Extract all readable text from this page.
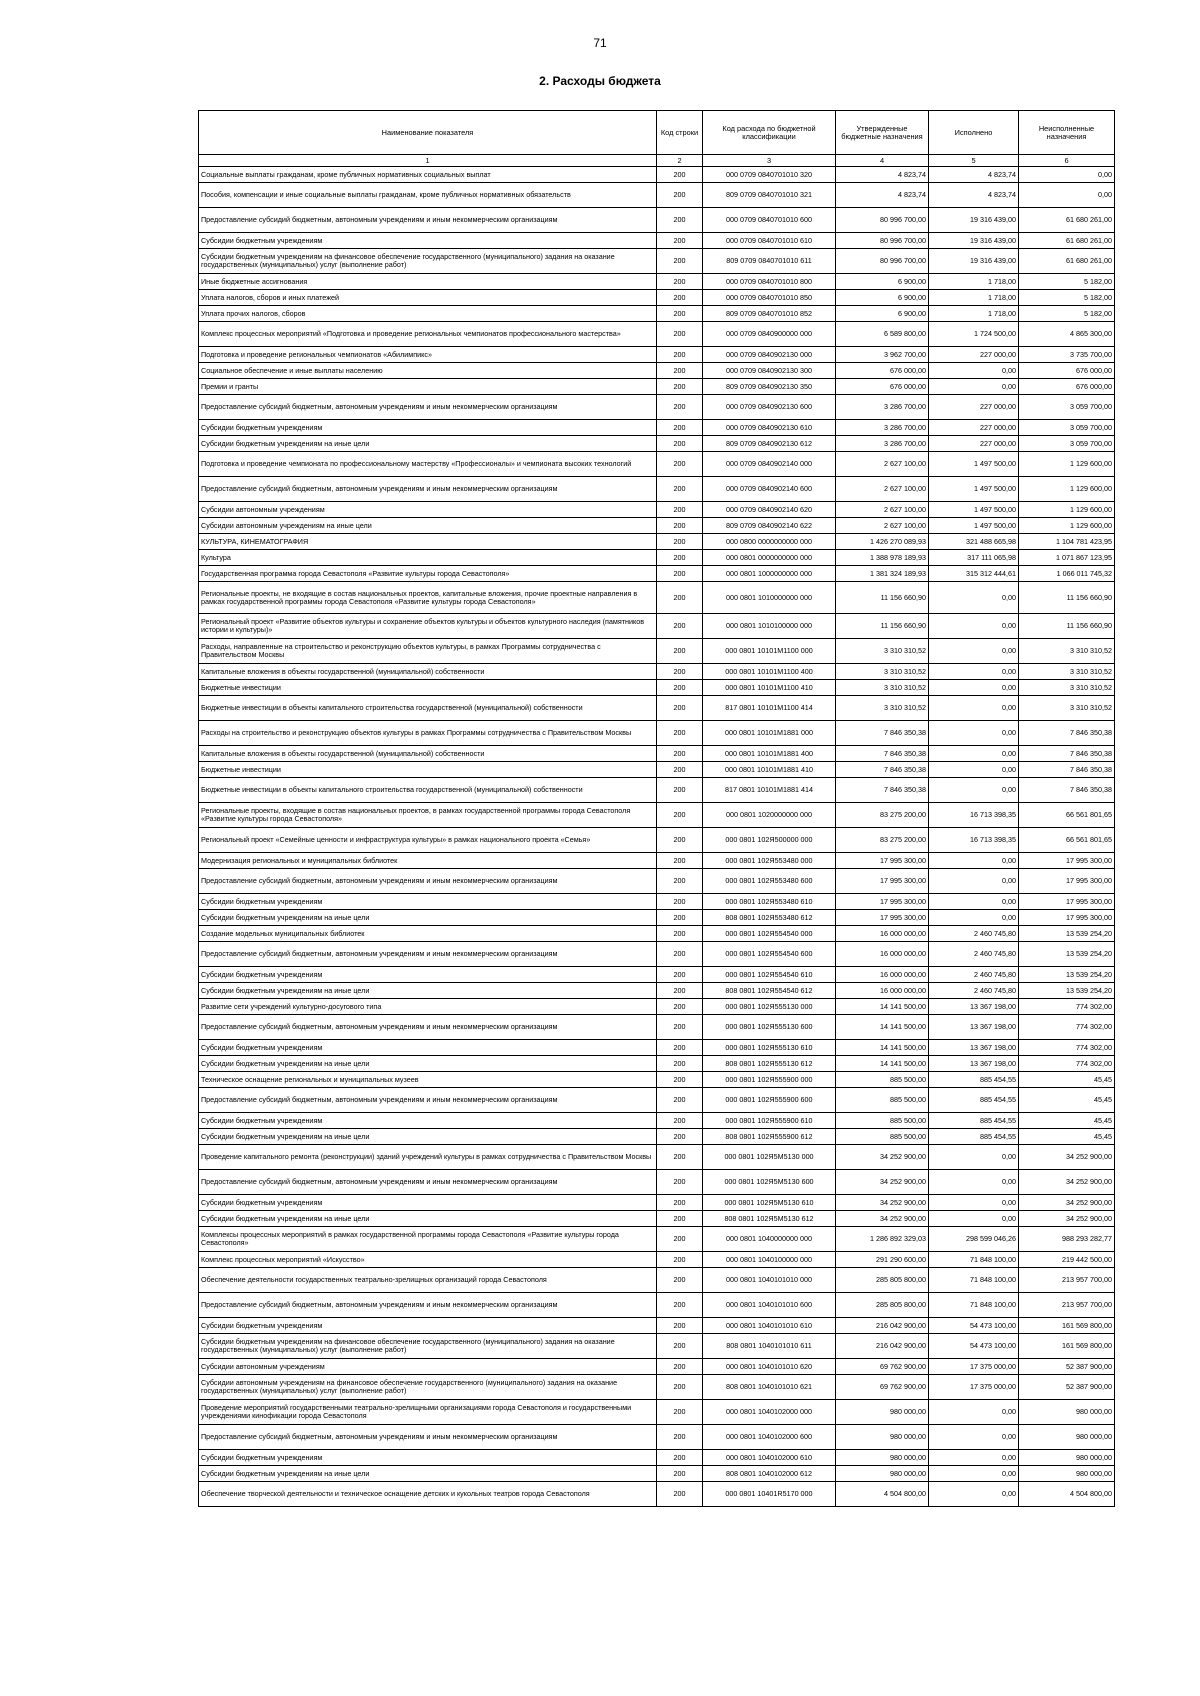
71
2. Расходы бюджета
Наименование показателя	Код строки	Код расхода по бюджетной классификации	Утвержденные бюджетные назначения	Исполнено	Неисполненные назначения
1	2	3	4	5	6
Социальные выплаты гражданам, кроме публичных нормативных социальных выплат	200	000 0709 0840701010 320	4 823,74	4 823,74	0,00
Пособия, компенсации и иные социальные выплаты гражданам, кроме публичных нормативных обязательств	200	809 0709 0840701010 321	4 823,74	4 823,74	0,00
Предоставление субсидий бюджетным, автономным учреждениям и иным некоммерческим организациям	200	000 0709 0840701010 600	80 996 700,00	19 316 439,00	61 680 261,00
Субсидии бюджетным учреждениям	200	000 0709 0840701010 610	80 996 700,00	19 316 439,00	61 680 261,00
Субсидии бюджетным учреждениям на финансовое обеспечение государственного (муниципального) задания на оказание государственных (муниципальных) услуг (выполнение работ)	200	809 0709 0840701010 611	80 996 700,00	19 316 439,00	61 680 261,00
Иные бюджетные ассигнования	200	000 0709 0840701010 800	6 900,00	1 718,00	5 182,00
Уплата налогов, сборов и иных платежей	200	000 0709 0840701010 850	6 900,00	1 718,00	5 182,00
Уплата прочих налогов, сборов	200	809 0709 0840701010 852	6 900,00	1 718,00	5 182,00
Комплекс процессных мероприятий «Подготовка и проведение региональных чемпионатов профессионального мастерства»	200	000 0709 0840900000 000	6 589 800,00	1 724 500,00	4 865 300,00
Подготовка и проведение региональных чемпионатов «Абилимпикс»	200	000 0709 0840902130 000	3 962 700,00	227 000,00	3 735 700,00
Социальное обеспечение и иные выплаты населению	200	000 0709 0840902130 300	676 000,00	0,00	676 000,00
Премии и гранты	200	809 0709 0840902130 350	676 000,00	0,00	676 000,00
Предоставление субсидий бюджетным, автономным учреждениям и иным некоммерческим организациям	200	000 0709 0840902130 600	3 286 700,00	227 000,00	3 059 700,00
Субсидии бюджетным учреждениям	200	000 0709 0840902130 610	3 286 700,00	227 000,00	3 059 700,00
Субсидии бюджетным учреждениям на иные цели	200	809 0709 0840902130 612	3 286 700,00	227 000,00	3 059 700,00
Подготовка и проведение чемпионата по профессиональному мастерству «Профессионалы» и чемпионата высоких технологий	200	000 0709 0840902140 000	2 627 100,00	1 497 500,00	1 129 600,00
Предоставление субсидий бюджетным, автономным учреждениям и иным некоммерческим организациям	200	000 0709 0840902140 600	2 627 100,00	1 497 500,00	1 129 600,00
Субсидии автономным учреждениям	200	000 0709 0840902140 620	2 627 100,00	1 497 500,00	1 129 600,00
Субсидии автономным учреждениям на иные цели	200	809 0709 0840902140 622	2 627 100,00	1 497 500,00	1 129 600,00
КУЛЬТУРА, КИНЕМАТОГРАФИЯ	200	000 0800 0000000000 000	1 426 270 089,93	321 488 665,98	1 104 781 423,95
Культура	200	000 0801 0000000000 000	1 388 978 189,93	317 111 065,98	1 071 867 123,95
Государственная программа города Севастополя «Развитие культуры города Севастополя»	200	000 0801 1000000000 000	1 381 324 189,93	315 312 444,61	1 066 011 745,32
Региональные проекты, не входящие в состав национальных проектов, капитальные вложения, прочие проектные направления в рамках государственной программы города Севастополя «Развитие культуры города Севастополя»	200	000 0801 1010000000 000	11 156 660,90	0,00	11 156 660,90
Региональный проект «Развитие объектов культуры и сохранение объектов культуры и объектов культурного наследия (памятников истории и культуры)»	200	000 0801 1010100000 000	11 156 660,90	0,00	11 156 660,90
Расходы, направленные на строительство и реконструкцию объектов культуры, в рамках Программы сотрудничества с Правительством Москвы	200	000 0801 10101М1100 000	3 310 310,52	0,00	3 310 310,52
Капитальные вложения в объекты государственной (муниципальной) собственности	200	000 0801 10101М1100 400	3 310 310,52	0,00	3 310 310,52
Бюджетные инвестиции	200	000 0801 10101М1100 410	3 310 310,52	0,00	3 310 310,52
Бюджетные инвестиции в объекты капитального строительства государственной (муниципальной) собственности	200	817 0801 10101М1100 414	3 310 310,52	0,00	3 310 310,52
Расходы на строительство и реконструкцию объектов культуры в рамках Программы сотрудничества с Правительством Москвы	200	000 0801 10101М1881 000	7 846 350,38	0,00	7 846 350,38
Капитальные вложения в объекты государственной (муниципальной) собственности	200	000 0801 10101М1881 400	7 846 350,38	0,00	7 846 350,38
Бюджетные инвестиции	200	000 0801 10101М1881 410	7 846 350,38	0,00	7 846 350,38
Бюджетные инвестиции в объекты капитального строительства государственной (муниципальной) собственности	200	817 0801 10101М1881 414	7 846 350,38	0,00	7 846 350,38
Региональные проекты, входящие в состав национальных проектов, в рамках государственной программы города Севастополя «Развитие культуры города Севастополя»	200	000 0801 1020000000 000	83 275 200,00	16 713 398,35	66 561 801,65
Региональный проект «Семейные ценности и инфраструктура культуры» в рамках национального проекта «Семья»	200	000 0801 102Я500000 000	83 275 200,00	16 713 398,35	66 561 801,65
Модернизация региональных и муниципальных библиотек	200	000 0801 102Я553480 000	17 995 300,00	0,00	17 995 300,00
Предоставление субсидий бюджетным, автономным учреждениям и иным некоммерческим организациям	200	000 0801 102Я553480 600	17 995 300,00	0,00	17 995 300,00
Субсидии бюджетным учреждениям	200	000 0801 102Я553480 610	17 995 300,00	0,00	17 995 300,00
Субсидии бюджетным учреждениям на иные цели	200	808 0801 102Я553480 612	17 995 300,00	0,00	17 995 300,00
Создание модельных муниципальных библиотек	200	000 0801 102Я554540 000	16 000 000,00	2 460 745,80	13 539 254,20
Предоставление субсидий бюджетным, автономным учреждениям и иным некоммерческим организациям	200	000 0801 102Я554540 600	16 000 000,00	2 460 745,80	13 539 254,20
Субсидии бюджетным учреждениям	200	000 0801 102Я554540 610	16 000 000,00	2 460 745,80	13 539 254,20
Субсидии бюджетным учреждениям на иные цели	200	808 0801 102Я554540 612	16 000 000,00	2 460 745,80	13 539 254,20
Развитие сети учреждений культурно-досугового типа	200	000 0801 102Я555130 000	14 141 500,00	13 367 198,00	774 302,00
Предоставление субсидий бюджетным, автономным учреждениям и иным некоммерческим организациям	200	000 0801 102Я555130 600	14 141 500,00	13 367 198,00	774 302,00
Субсидии бюджетным учреждениям	200	000 0801 102Я555130 610	14 141 500,00	13 367 198,00	774 302,00
Субсидии бюджетным учреждениям на иные цели	200	808 0801 102Я555130 612	14 141 500,00	13 367 198,00	774 302,00
Техническое оснащение региональных и муниципальных музеев	200	000 0801 102Я555900 000	885 500,00	885 454,55	45,45
Предоставление субсидий бюджетным, автономным учреждениям и иным некоммерческим организациям	200	000 0801 102Я555900 600	885 500,00	885 454,55	45,45
Субсидии бюджетным учреждениям	200	000 0801 102Я555900 610	885 500,00	885 454,55	45,45
Субсидии бюджетным учреждениям на иные цели	200	808 0801 102Я555900 612	885 500,00	885 454,55	45,45
Проведение капитального ремонта (реконструкции) зданий учреждений культуры в рамках сотрудничества с Правительством Москвы	200	000 0801 102Я5М5130 000	34 252 900,00	0,00	34 252 900,00
Предоставление субсидий бюджетным, автономным учреждениям и иным некоммерческим организациям	200	000 0801 102Я5М5130 600	34 252 900,00	0,00	34 252 900,00
Субсидии бюджетным учреждениям	200	000 0801 102Я5М5130 610	34 252 900,00	0,00	34 252 900,00
Субсидии бюджетным учреждениям на иные цели	200	808 0801 102Я5М5130 612	34 252 900,00	0,00	34 252 900,00
Комплексы процессных мероприятий в рамках государственной программы города Севастополя «Развитие культуры города Севастополя»	200	000 0801 1040000000 000	1 286 892 329,03	298 599 046,26	988 293 282,77
Комплекс процессных мероприятий «Искусство»	200	000 0801 1040100000 000	291 290 600,00	71 848 100,00	219 442 500,00
Обеспечение деятельности государственных театрально-зрелищных организаций города Севастополя	200	000 0801 1040101010 000	285 805 800,00	71 848 100,00	213 957 700,00
Предоставление субсидий бюджетным, автономным учреждениям и иным некоммерческим организациям	200	000 0801 1040101010 600	285 805 800,00	71 848 100,00	213 957 700,00
Субсидии бюджетным учреждениям	200	000 0801 1040101010 610	216 042 900,00	54 473 100,00	161 569 800,00
Субсидии бюджетным учреждениям на финансовое обеспечение государственного (муниципального) задания на оказание государственных (муниципальных) услуг (выполнение работ)	200	808 0801 1040101010 611	216 042 900,00	54 473 100,00	161 569 800,00
Субсидии автономным учреждениям	200	000 0801 1040101010 620	69 762 900,00	17 375 000,00	52 387 900,00
Субсидии автономным учреждениям на финансовое обеспечение государственного (муниципального) задания на оказание государственных (муниципальных) услуг (выполнение работ)	200	808 0801 1040101010 621	69 762 900,00	17 375 000,00	52 387 900,00
Проведение мероприятий государственными театрально-зрелищными организациями города Севастополя и государственными учреждениями кинофикации города Севастополя	200	000 0801 1040102000 000	980 000,00	0,00	980 000,00
Предоставление субсидий бюджетным, автономным учреждениям и иным некоммерческим организациям	200	000 0801 1040102000 600	980 000,00	0,00	980 000,00
Субсидии бюджетным учреждениям	200	000 0801 1040102000 610	980 000,00	0,00	980 000,00
Субсидии бюджетным учреждениям на иные цели	200	808 0801 1040102000 612	980 000,00	0,00	980 000,00
Обеспечение творческой деятельности и техническое оснащение детских и кукольных театров города Севастополя	200	000 0801 10401R5170 000	4 504 800,00	0,00	4 504 800,00
